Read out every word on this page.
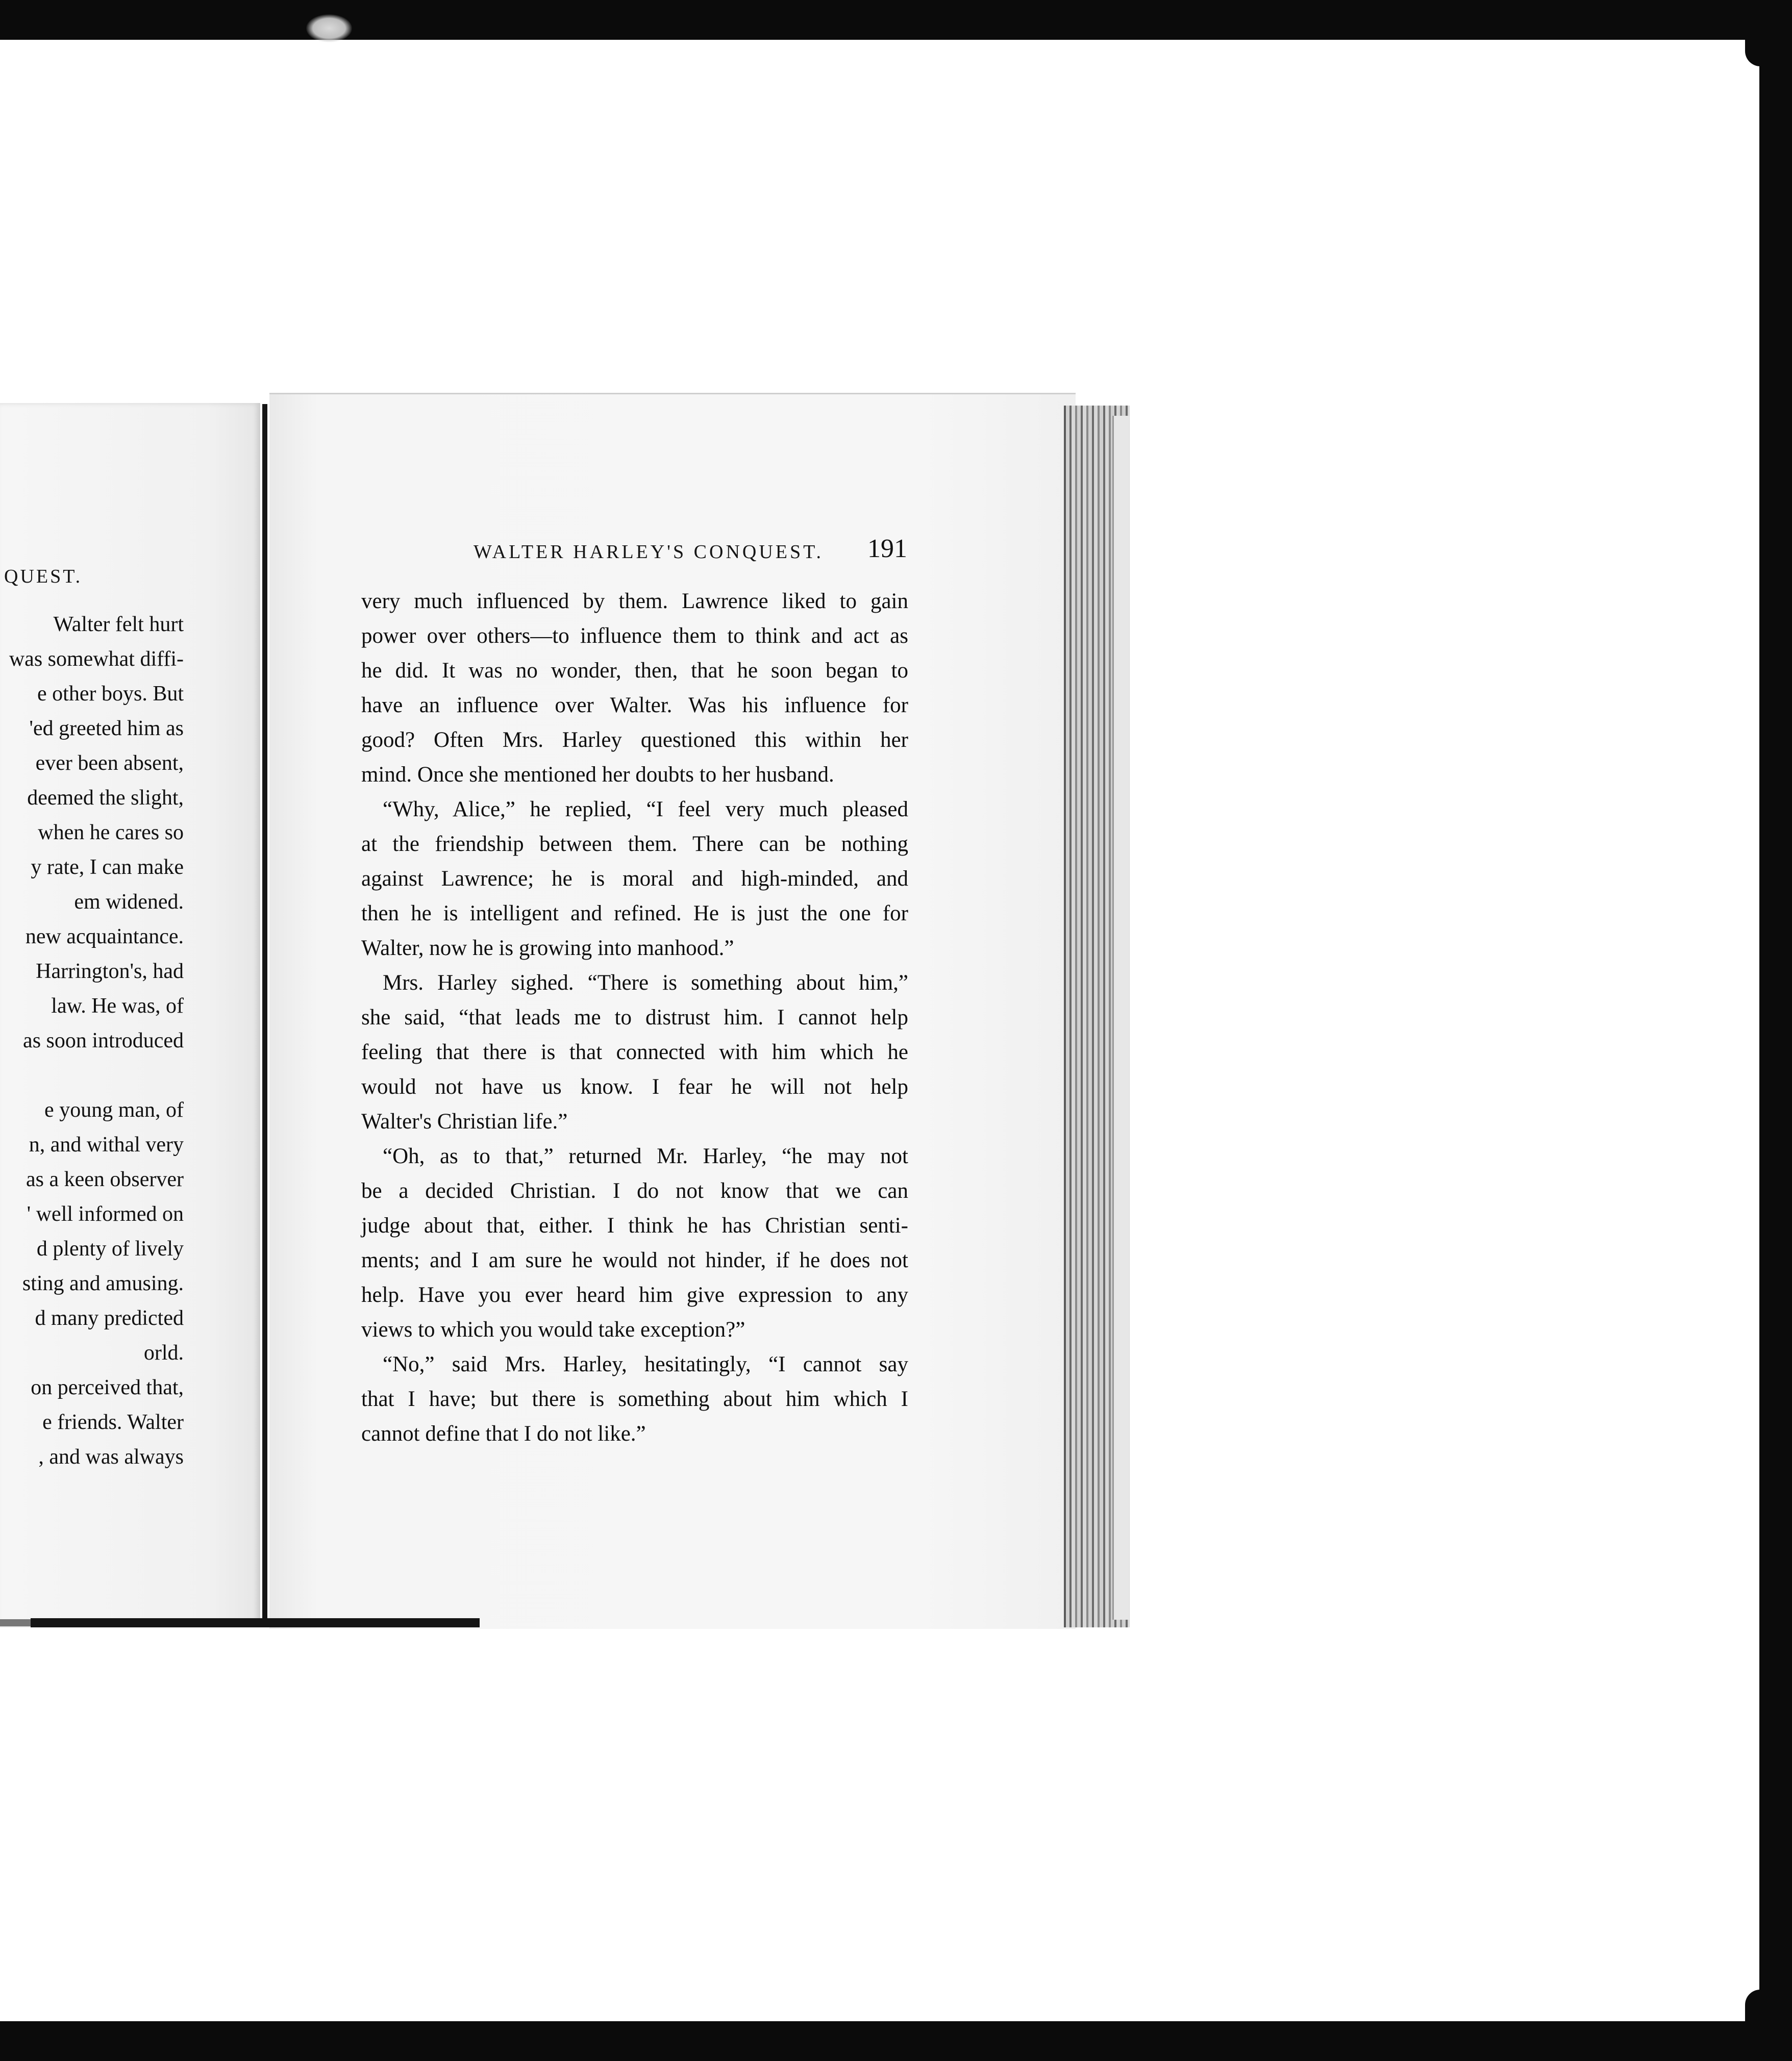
QUEST.
Walter felt hurt
was somewhat diffi-
e other boys. But
'ed greeted him as
ever been absent,
deemed the slight,
when he cares so
y rate, I can make
em widened.
new acquaintance.
Harrington's, had
law. He was, of
as soon introduced
e young man, of
n, and withal very
as a keen observer
' well informed on
d plenty of lively
sting and amusing.
d many predicted
orld.
on perceived that,
e friends. Walter
, and was always
WALTER HARLEY'S CONQUEST. 191
very much influenced by them. Lawrence liked to gain
power over others—to influence them to think and act as
he did. It was no wonder, then, that he soon began to
have an influence over Walter. Was his influence for
good? Often Mrs. Harley questioned this within her
mind. Once she mentioned her doubts to her husband.
“Why, Alice,” he replied, “I feel very much pleased
at the friendship between them. There can be nothing
against Lawrence; he is moral and high-minded, and
then he is intelligent and refined. He is just the one for
Walter, now he is growing into manhood.”
Mrs. Harley sighed. “There is something about him,”
she said, “that leads me to distrust him. I cannot help
feeling that there is that connected with him which he
would not have us know. I fear he will not help
Walter's Christian life.”
“Oh, as to that,” returned Mr. Harley, “he may not
be a decided Christian. I do not know that we can
judge about that, either. I think he has Christian senti-
ments; and I am sure he would not hinder, if he does not
help. Have you ever heard him give expression to any
views to which you would take exception?”
“No,” said Mrs. Harley, hesitatingly, “I cannot say
that I have; but there is something about him which I
cannot define that I do not like.”
